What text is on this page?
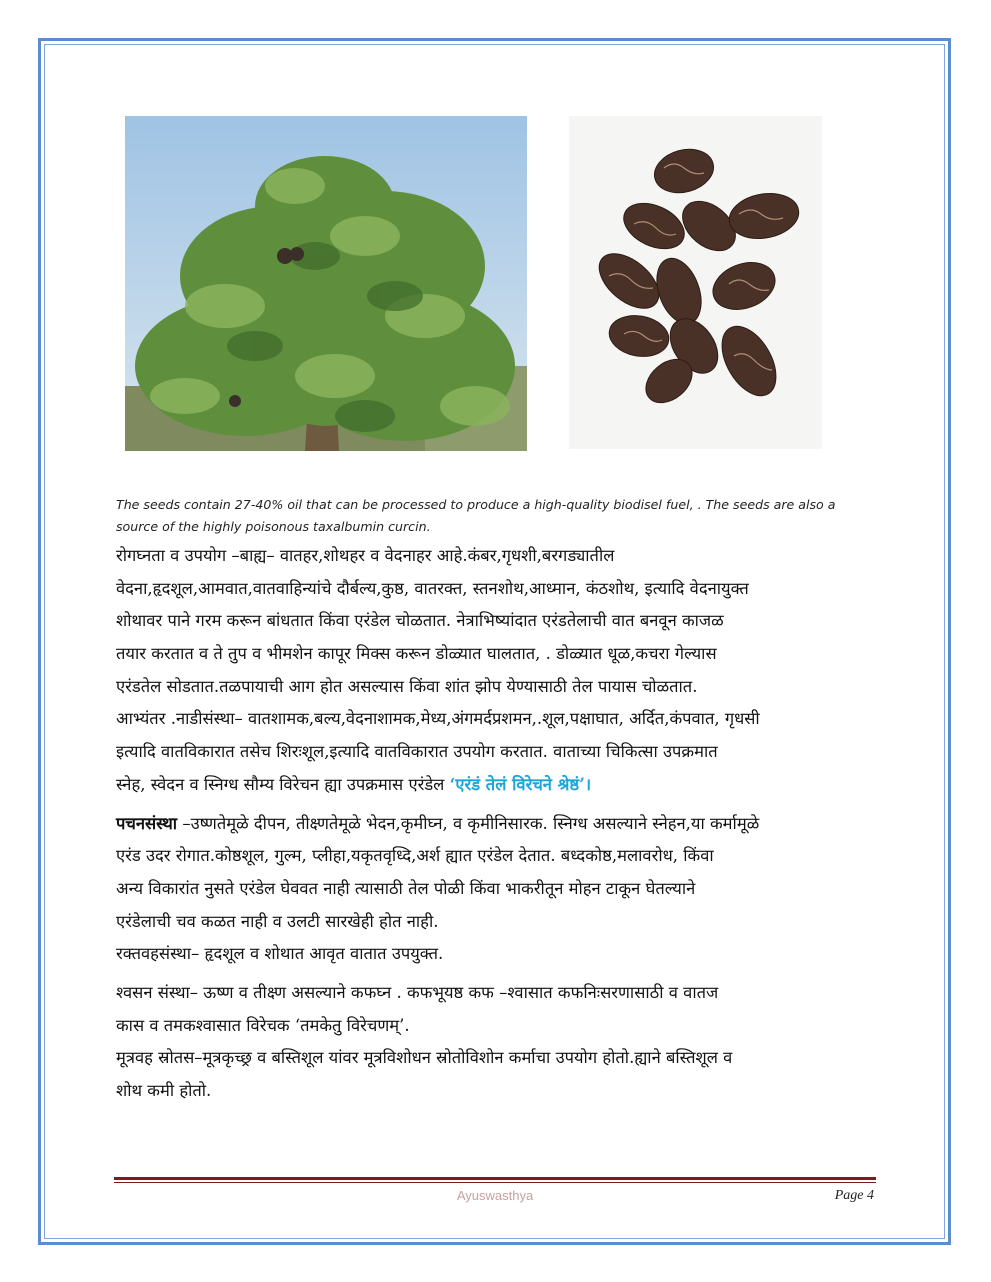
The seeds contain 27-40% oil that can be processed to produce a high-quality biodisel fuel, . The seeds are also a
source of the highly poisonous taxalbumin curcin.

रोगघ्नता व उपयोग –बाह्य– वातहर,शोथहर व वेदनाहर आहे.कंबर,गृधशी,बरगड्यातील
वेदना,हृदशूल,आमवात,वातवाहिन्यांचे दौर्बल्य,कुष्ठ, वातरक्त, स्तनशोथ,आध्मान, कंठशोथ, इत्यादि वेदनायुक्त
शोथावर पाने गरम करून बांधतात किंवा एरंडेल चोळतात. नेत्राभिष्यांदात एरंडतेलाची वात बनवून काजळ
तयार करतात व ते तुप व भीमशेन कापूर मिक्स करून डोळ्यात घालतात, . डोळ्यात धूळ,कचरा गेल्यास
एरंडतेल सोडतात.तळपायाची आग होत असल्यास किंवा शांत झोप येण्यासाठी तेल पायास चोळतात.
आभ्यंतर .नाडीसंस्था– वातशामक,बल्य,वेदनाशामक,मेध्य,अंगमर्दप्रशमन,.शूल,पक्षाघात, अर्दित,कंपवात, गृधसी
इत्यादि वातविकारात तसेच शिरःशूल,इत्यादि वातविकारात उपयोग करतात. वाताच्या चिकित्सा उपक्रमात
स्नेह, स्वेदन व स्निग्ध सौम्य विरेचन ह्या उपक्रमास एरंडेल ‘एरंडं तेलं विरेचने श्रेष्ठं’।
पचनसंस्था –उष्णतेमूळे दीपन, तीक्ष्णतेमूळे भेदन,कृमीघ्न, व कृमीनिसारक. स्निग्ध असल्याने स्नेहन,या कर्मामूळे
एरंड उदर रोगात.कोष्ठशूल, गुल्म, प्लीहा,यकृतवृध्दि,अर्श ह्यात एरंडेल देतात. बध्दकोष्ठ,मलावरोध, किंवा
अन्य विकारांत नुसते एरंडेल घेववत नाही त्यासाठी तेल पोळी किंवा भाकरीतून मोहन टाकून घेतल्याने
एरंडेलाची चव कळत नाही व उलटी सारखेही होत नाही.
रक्तवहसंस्था– हृदशूल व शोथात आवृत वातात उपयुक्त.
श्वसन संस्था– ऊष्ण व तीक्ष्ण असल्याने कफघ्न . कफभूयष्ठ कफ –श्वासात कफनिःसरणासाठी व वातज
कास व तमकश्वासात विरेचक ‘तमकेतु विरेचणम्’.
मूत्रवह स्रोतस–मूत्रकृच्छ्र व बस्तिशूल यांवर मूत्रविशोधन स्रोतोविशोन कर्माचा उपयोग होतो.ह्याने बस्तिशूल व
शोथ कमी होतो.
Ayuswasthya	Page 4
